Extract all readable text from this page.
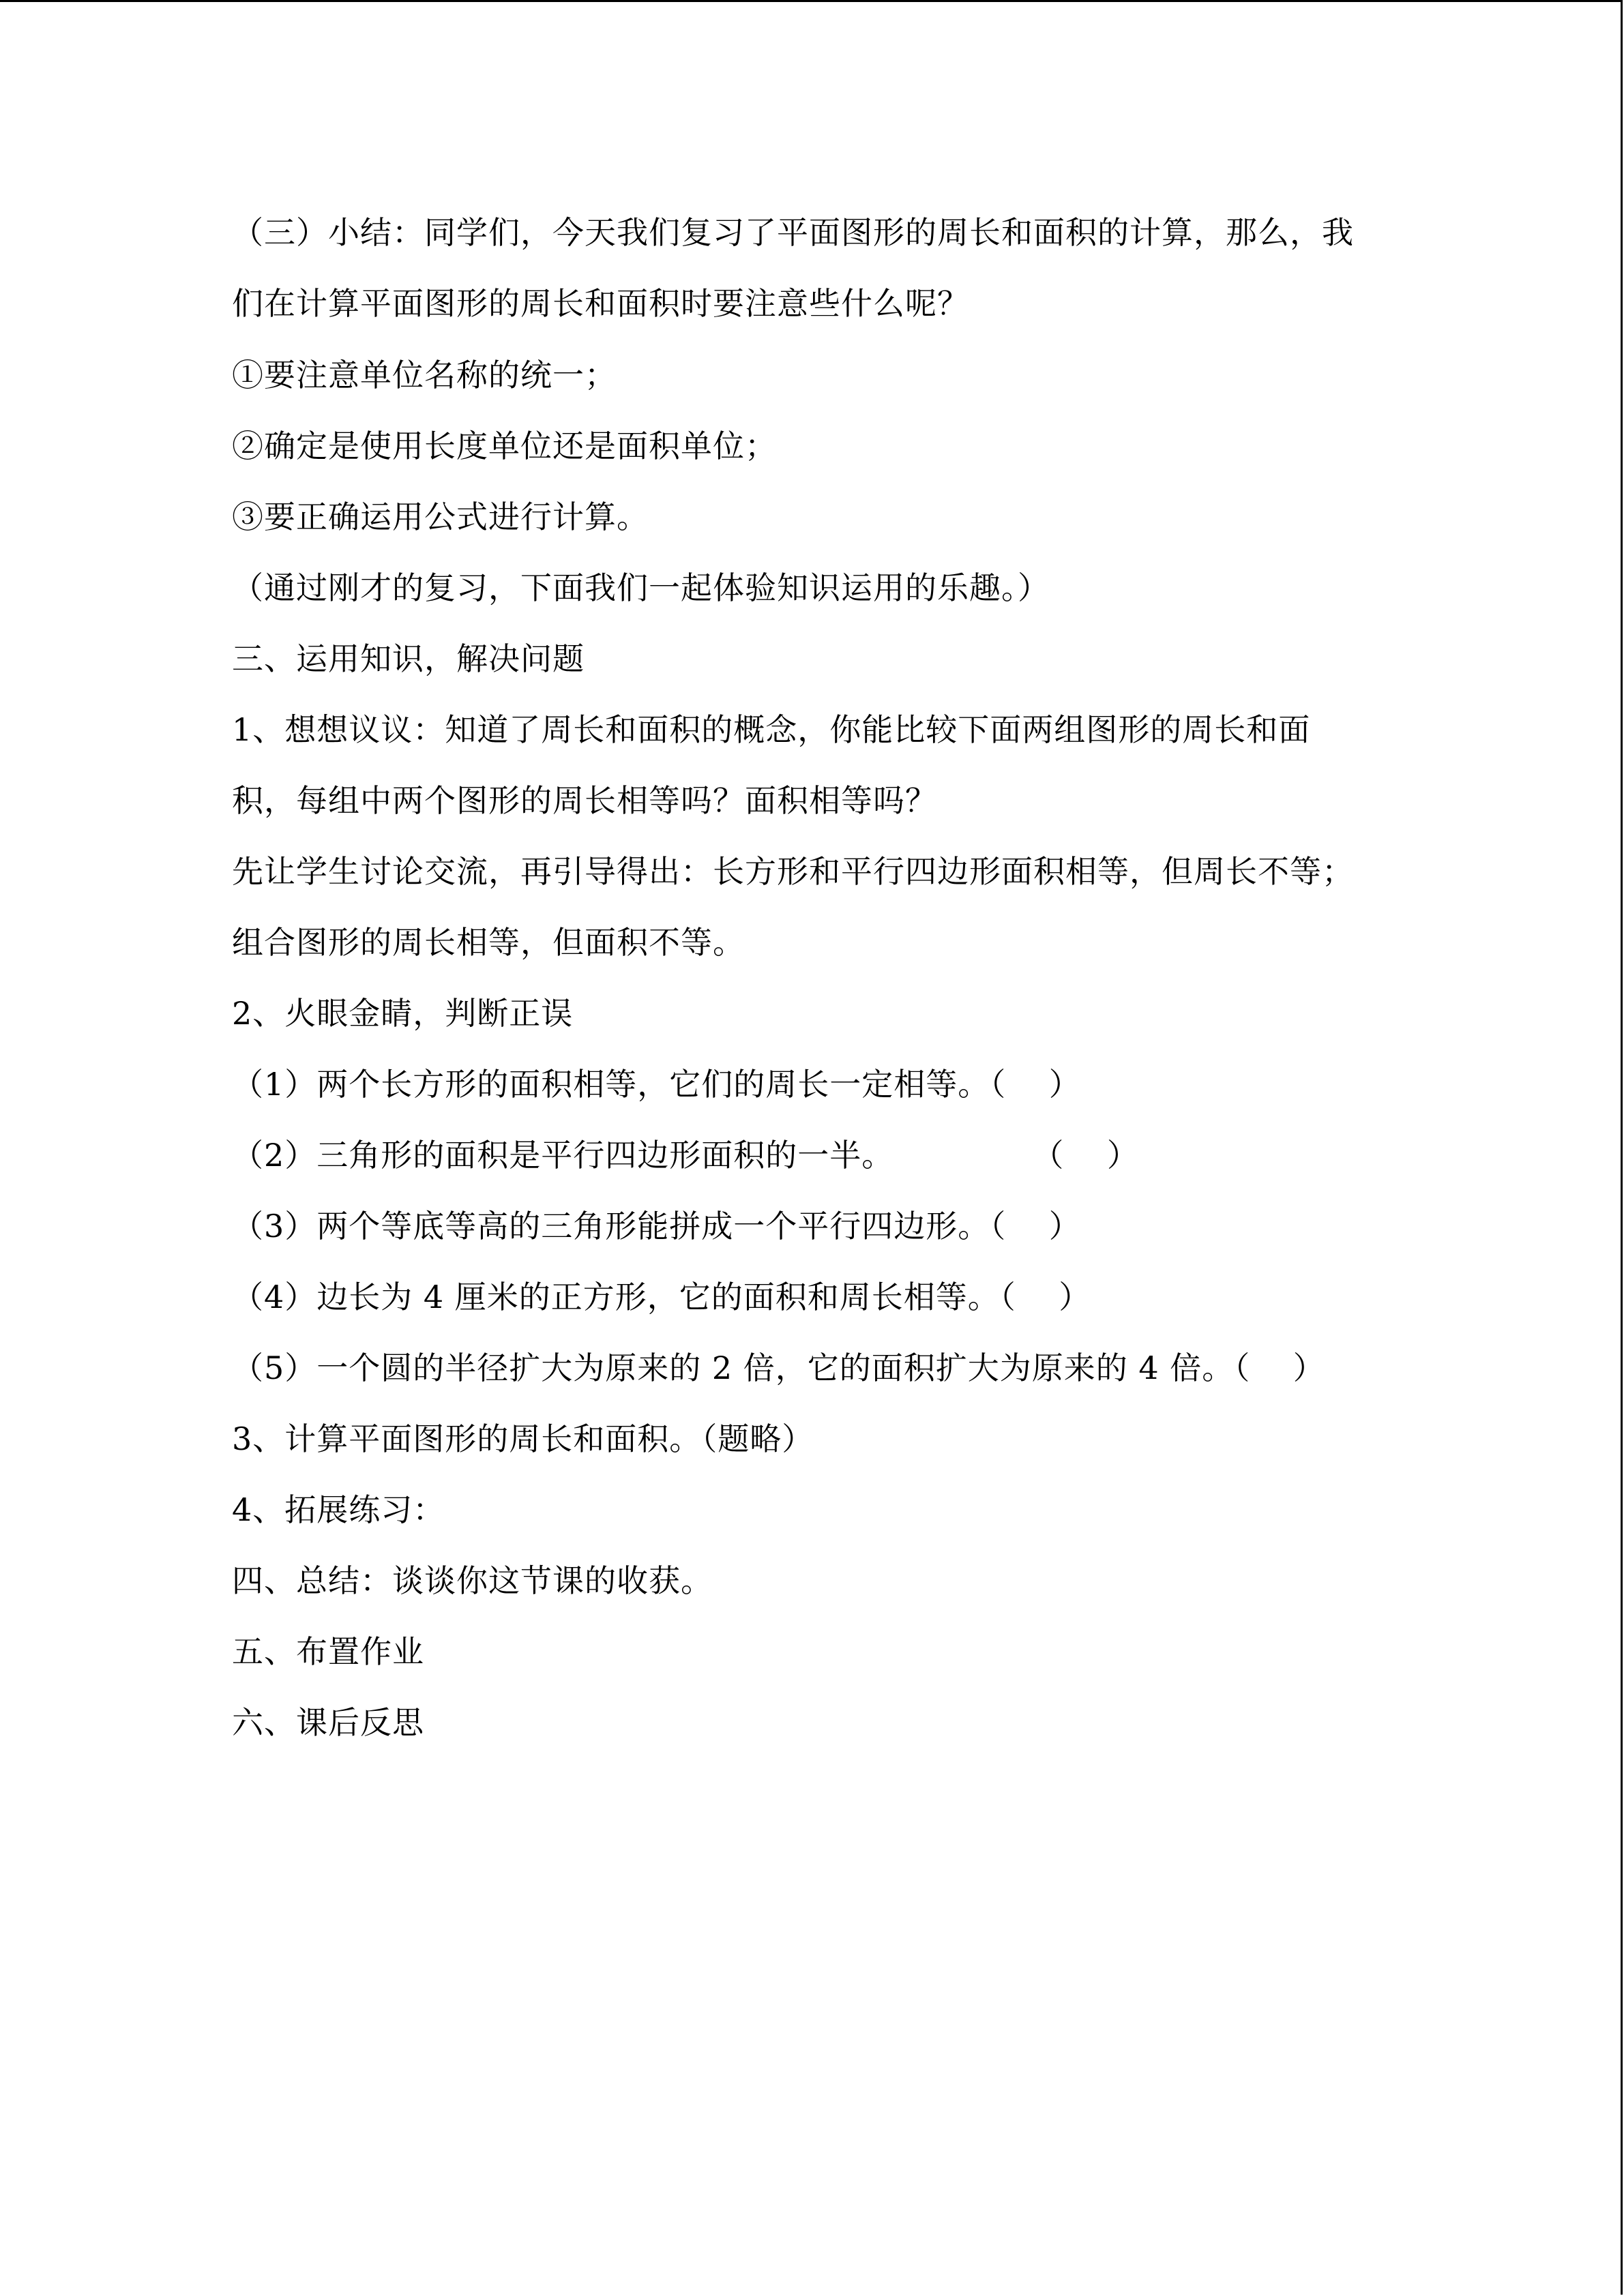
（三）小结：同学们，今天我们复习了平面图形的周长和面积的计算，那么，我
们在计算平面图形的周长和面积时要注意些什么呢？
①要注意单位名称的统一；
②确定是使用长度单位还是面积单位；
③要正确运用公式进行计算。
（通过刚才的复习，下面我们一起体验知识运用的乐趣。）
三、运用知识，解决问题
1、想想议议：知道了周长和面积的概念，你能比较下面两组图形的周长和面
积，每组中两个图形的周长相等吗？面积相等吗？
先让学生讨论交流，再引导得出：长方形和平行四边形面积相等，但周长不等；
组合图形的周长相等，但面积不等。
2、火眼金睛，判断正误
（1）两个长方形的面积相等，它们的周长一定相等。（    ）
（2）三角形的面积是平行四边形面积的一半。             （    ）
（3）两个等底等高的三角形能拼成一个平行四边形。（    ）
（4）边长为 4 厘米的正方形，它的面积和周长相等。（    ）
（5）一个圆的半径扩大为原来的 2 倍，它的面积扩大为原来的 4 倍。（    ）
3、计算平面图形的周长和面积。（题略）
4、拓展练习：
四、总结：谈谈你这节课的收获。
五、布置作业
六、课后反思
